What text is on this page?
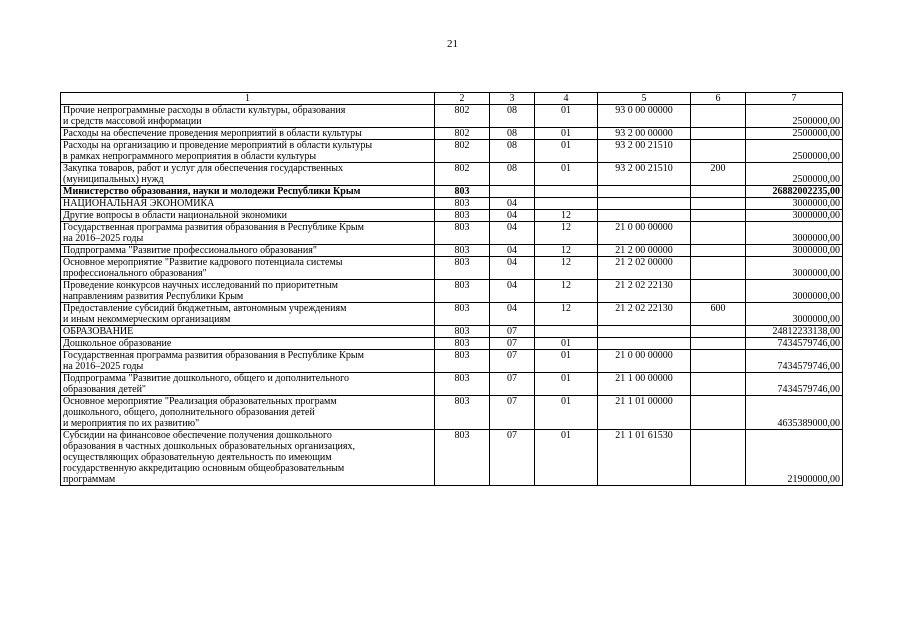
21
1	2	3	4	5	6	7
Прочие непрограммные расходы в области культуры, образования
и средств массовой информации	802	08	01	93 0 00 00000		2500000,00
Расходы на обеспечение проведения мероприятий в области культуры	802	08	01	93 2 00 00000		2500000,00
Расходы на организацию и проведение мероприятий в области культуры
в рамках непрограммного мероприятия в области культуры	802	08	01	93 2 00 21510		2500000,00
Закупка товаров, работ и услуг для обеспечения государственных
(муниципальных) нужд	802	08	01	93 2 00 21510	200	2500000,00
Министерство образования, науки и молодежи Республики Крым	803					26882002235,00
НАЦИОНАЛЬНАЯ ЭКОНОМИКА	803	04				3000000,00
Другие вопросы в области национальной экономики	803	04	12			3000000,00
Государственная программа развития образования в Республике Крым
на 2016–2025 годы	803	04	12	21 0 00 00000		3000000,00
Подпрограмма "Развитие профессионального образования"	803	04	12	21 2 00 00000		3000000,00
Основное мероприятие "Развитие кадрового потенциала системы
профессионального образования"	803	04	12	21 2 02 00000		3000000,00
Проведение конкурсов научных исследований по приоритетным
направлениям развития Республики Крым	803	04	12	21 2 02 22130		3000000,00
Предоставление субсидий бюджетным, автономным учреждениям
и иным некоммерческим организациям	803	04	12	21 2 02 22130	600	3000000,00
ОБРАЗОВАНИЕ	803	07				24812233138,00
Дошкольное образование	803	07	01			7434579746,00
Государственная программа развития образования в Республике Крым
на 2016–2025 годы	803	07	01	21 0 00 00000		7434579746,00
Подпрограмма "Развитие дошкольного, общего и дополнительного
образования детей"	803	07	01	21 1 00 00000		7434579746,00
Основное мероприятие "Реализация образовательных программ
дошкольного, общего, дополнительного образования детей
и мероприятия по их развитию"	803	07	01	21 1 01 00000		4635389000,00
Субсидии на финансовое обеспечение получения дошкольного
образования в частных дошкольных образовательных организациях,
осуществляющих образовательную деятельность по имеющим
государственную аккредитацию основным общеобразовательным
программам	803	07	01	21 1 01 61530		21900000,00
